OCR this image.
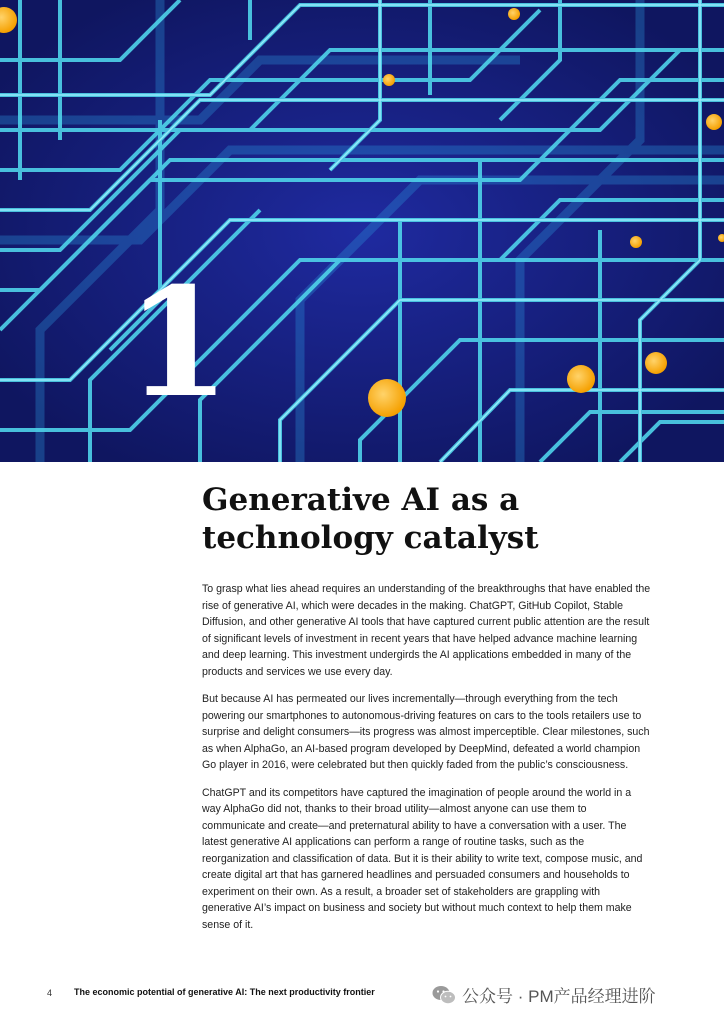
1
Generative AI as a
technology catalyst

To grasp what lies ahead requires an understanding of the breakthroughs that have enabled the rise of generative AI, which were decades in the making. ChatGPT, GitHub Copilot, Stable Diffusion, and other generative AI tools that have captured current public attention are the result of significant levels of investment in recent years that have helped advance machine learning and deep learning. This investment undergirds the AI applications embedded in many of the products and services we use every day.

But because AI has permeated our lives incrementally—through everything from the tech powering our smartphones to autonomous-driving features on cars to the tools retailers use to surprise and delight consumers—its progress was almost imperceptible. Clear milestones, such as when AlphaGo, an AI-based program developed by DeepMind, defeated a world champion Go player in 2016, were celebrated but then quickly faded from the public’s consciousness.

ChatGPT and its competitors have captured the imagination of people around the world in a way AlphaGo did not, thanks to their broad utility—almost anyone can use them to communicate and create—and preternatural ability to have a conversation with a user. The latest generative AI applications can perform a range of routine tasks, such as the reorganization and classification of data. But it is their ability to write text, compose music, and create digital art that has garnered headlines and persuaded consumers and households to experiment on their own. As a result, a broader set of stakeholders are grappling with generative AI’s impact on business and society but without much context to help them make sense of it.

4 The economic potential of generative AI: The next productivity frontier	公众号 · PM产品经理进阶
